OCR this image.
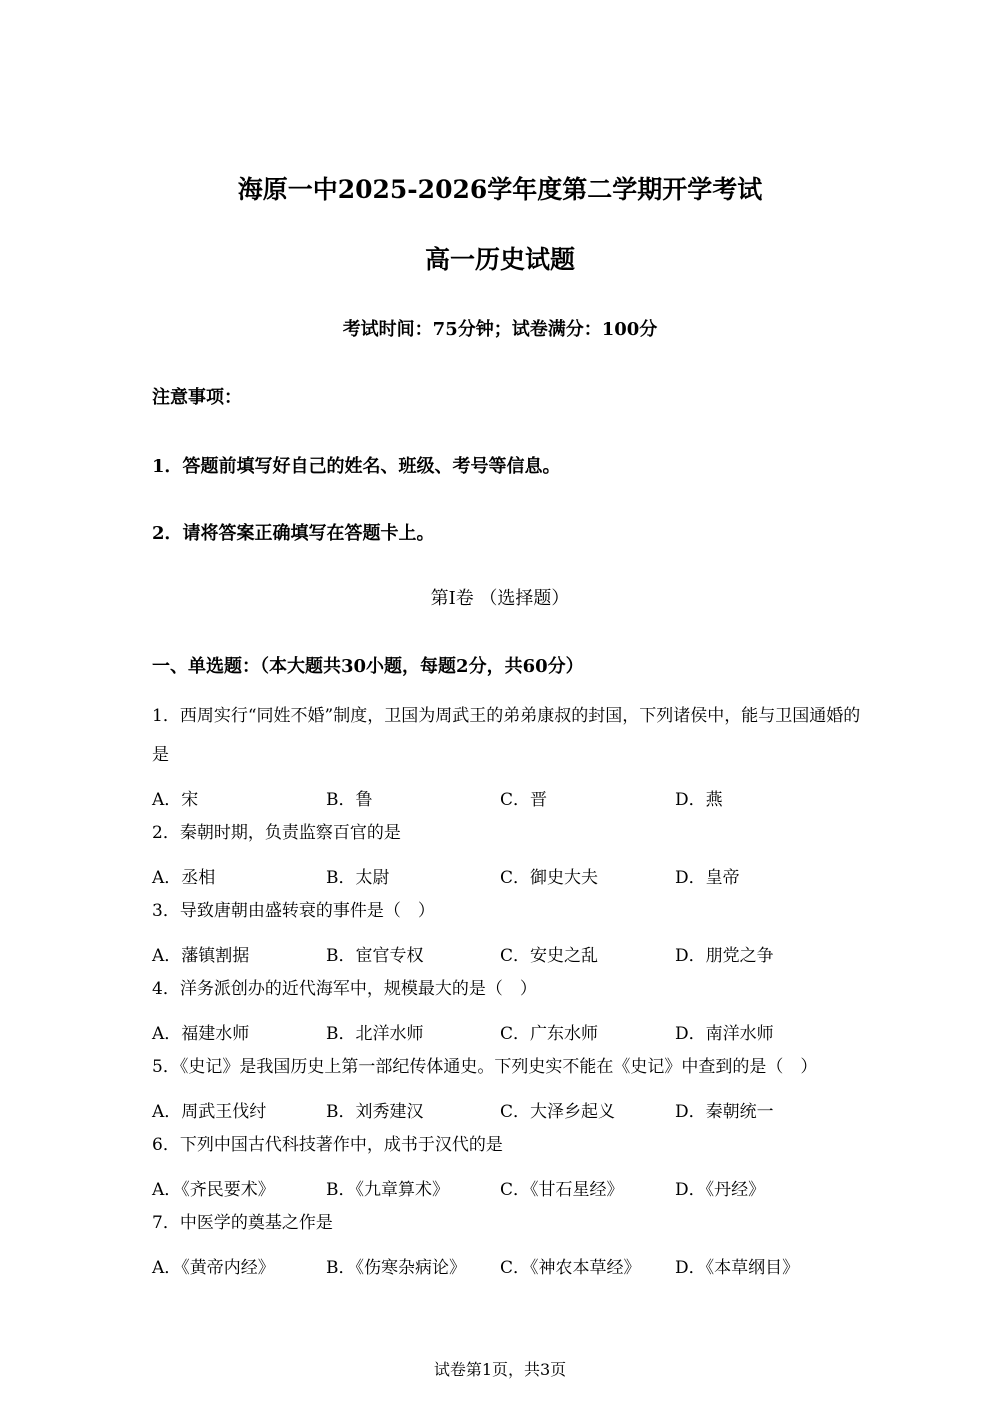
海原一中2025-2026学年度第二学期开学考试
高一历史试题
考试时间：75分钟；试卷满分：100分
注意事项：
1．答题前填写好自己的姓名、班级、考号等信息。
2．请将答案正确填写在答题卡上。
第I卷 （选择题）
一、单选题：（本大题共30小题，每题2分，共60分）
1．西周实行“同姓不婚”制度，卫国为周武王的弟弟康叔的封国，下列诸侯中，能与卫国通婚的是
A．宋	B．鲁	C．晋	D．燕
2．秦朝时期，负责监察百官的是
A．丞相	B．太尉	C．御史大夫	D．皇帝
3．导致唐朝由盛转衰的事件是（　）
A．藩镇割据	B．宦官专权	C．安史之乱	D．朋党之争
4．洋务派创办的近代海军中，规模最大的是（　）
A．福建水师	B．北洋水师	C．广东水师	D．南洋水师
5．《史记》是我国历史上第一部纪传体通史。下列史实不能在《史记》中查到的是（　）
A．周武王伐纣	B．刘秀建汉	C．大泽乡起义	D．秦朝统一
6．下列中国古代科技著作中，成书于汉代的是
A．《齐民要术》	B．《九章算术》	C．《甘石星经》	D．《丹经》
7．中医学的奠基之作是
A．《黄帝内经》	B．《伤寒杂病论》 C．《神农本草经》 D．《本草纲目》
试卷第1页，共3页
